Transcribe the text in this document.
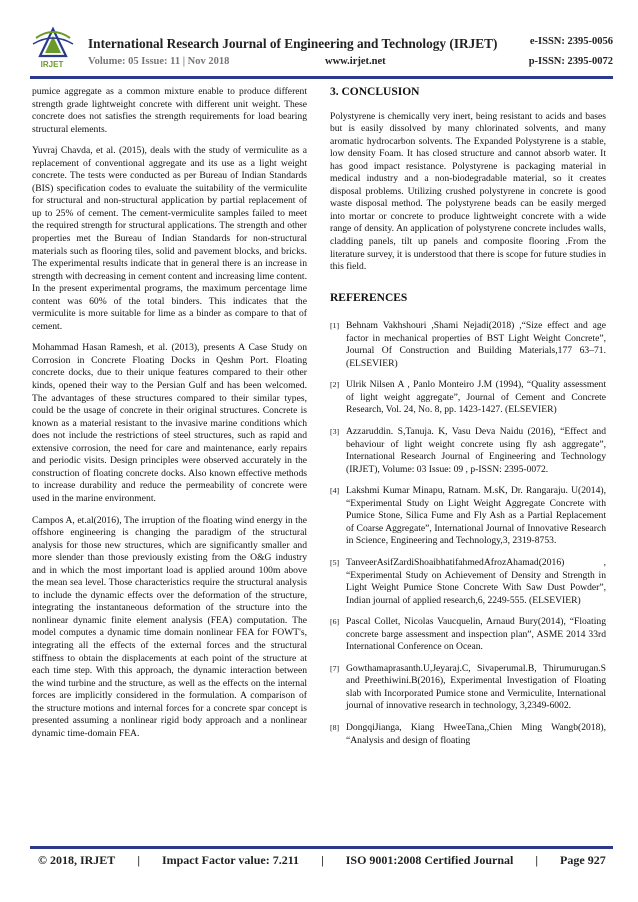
IRJET
International Research Journal of Engineering and Technology (IRJET)	e-ISSN: 2395-0056
Volume: 05 Issue: 11 | Nov 2018	www.irjet.net	p-ISSN: 2395-0072

pumice aggregate as a common mixture enable to produce different strength grade lightweight concrete with different unit weight. These concrete does not satisfies the strength requirements for load bearing structural elements.

Yuvraj Chavda, et al. (2015), deals with the study of vermiculite as a replacement of conventional aggregate and its use as a light weight concrete. The tests were conducted as per Bureau of Indian Standards (BIS) specification codes to evaluate the suitability of the vermiculite for structural and non-structural application by partial replacement of up to 25% of cement. The cement-vermiculite samples failed to meet the required strength for structural applications. The strength and other properties met the Bureau of Indian Standards for non-structural materials such as flooring tiles, solid and pavement blocks, and bricks. The experimental results indicate that in general there is an increase in strength with decreasing in cement content and increasing lime content. In the present experimental programs, the maximum percentage lime content was 60% of the total binders. This indicates that the vermiculite is more suitable for lime as a binder as compare to that of cement.

Mohammad Hasan Ramesh, et al. (2013), presents A Case Study on Corrosion in Concrete Floating Docks in Qeshm Port. Floating concrete docks, due to their unique features compared to their other kinds, opened their way to the Persian Gulf and has been welcomed. The advantages of these structures compared to their similar types, could be the usage of concrete in their original structures. Concrete is known as a material resistant to the invasive marine conditions which does not include the restrictions of steel structures, such as rapid and extensive corrosion, the need for care and maintenance, early repairs and periodic visits. Design principles were observed accurately in the construction of floating concrete docks. Also known effective methods to increase durability and reduce the permeability of concrete were used in the marine environment.

Campos A, et.al(2016), The irruption of the floating wind energy in the offshore engineering is changing the paradigm of the structural analysis for those new structures, which are significantly smaller and more slender than those previously existing from the O&G industry and in which the most important load is applied around 100m above the mean sea level. Those characteristics require the structural analysis to include the dynamic effects over the deformation of the structure, integrating the instantaneous deformation of the structure into the nonlinear dynamic finite element analysis (FEA) computation. The model computes a dynamic time domain nonlinear FEA for FOWT's, integrating all the effects of the external forces and the structural stiffness to obtain the displacements at each point of the structure at each time step. With this approach, the dynamic interaction between the wind turbine and the structure, as well as the effects on the internal forces are implicitly considered in the formulation. A comparison of the structure motions and internal forces for a concrete spar concept is presented assuming a nonlinear rigid body approach and a nonlinear dynamic time-domain FEA.

3. CONCLUSION

Polystyrene is chemically very inert, being resistant to acids and bases but is easily dissolved by many chlorinated solvents, and many aromatic hydrocarbon solvents. The Expanded Polystyrene is a stable, low density Foam. It has closed structure and cannot absorb water. It has good impact resistance. Polystyrene is packaging material in medical industry and a non-biodegradable material, so it creates disposal problems. Utilizing crushed polystyrene in concrete is good waste disposal method. The polystyrene beads can be easily merged into mortar or concrete to produce lightweight concrete with a wide range of density. An application of polystyrene concrete includes walls, cladding panels, tilt up panels and composite flooring .From the literature survey, it is understood that there is scope for future studies in this field.

REFERENCES
[1] Behnam Vakhshouri ,Shami Nejadi(2018) ,“Size effect and age factor in mechanical properties of BST Light Weight Concrete”, Journal Of Construction and Building Materials,177 63–71. (ELSEVIER)
[2] Ulrik Nilsen A , Panlo Monteiro J.M (1994), “Quality assessment of light weight aggregate”, Journal of Cement and Concrete Research, Vol. 24, No. 8, pp. 1423-1427. (ELSEVIER)
[3] Azzaruddin. S,Tanuja. K, Vasu Deva Naidu (2016), “Effect and behaviour of light weight concrete using fly ash aggregate”, International Research Journal of Engineering and Technology (IRJET), Volume: 03 Issue: 09 , p-ISSN: 2395-0072.
[4] Lakshmi Kumar Minapu, Ratnam. M.sK, Dr. Rangaraju. U(2014), “Experimental Study on Light Weight Aggregate Concrete with Pumice Stone, Silica Fume and Fly Ash as a Partial Replacement of Coarse Aggregate”, International Journal of Innovative Research in Science, Engineering and Technology,3, 2319-8753.
[5] TanveerAsifZardiShoaibhatifahmedAfrozAhamad(2016) , “Experimental Study on Achievement of Density and Strength in Light Weight Pumice Stone Concrete With Saw Dust Powder”, Indian journal of applied research,6, 2249-555. (ELSEVIER)
[6] Pascal Collet, Nicolas Vaucquelin, Arnaud Bury(2014), “Floating concrete barge assessment and inspection plan”, ASME 2014 33rd International Conference on Ocean.
[7] Gowthamaprasanth.U,Jeyaraj.C, Sivaperumal.B, Thirumurugan.S and Preethiwini.B(2016), Experimental Investigation of Floating slab with Incorporated Pumice stone and Vermiculite, International journal of innovative research in technology, 3,2349-6002.
[8] DongqiJianga, Kiang HweeTana,,Chien Ming Wangb(2018), “Analysis and design of floating
© 2018, IRJET | Impact Factor value: 7.211 | ISO 9001:2008 Certified Journal | Page 927
